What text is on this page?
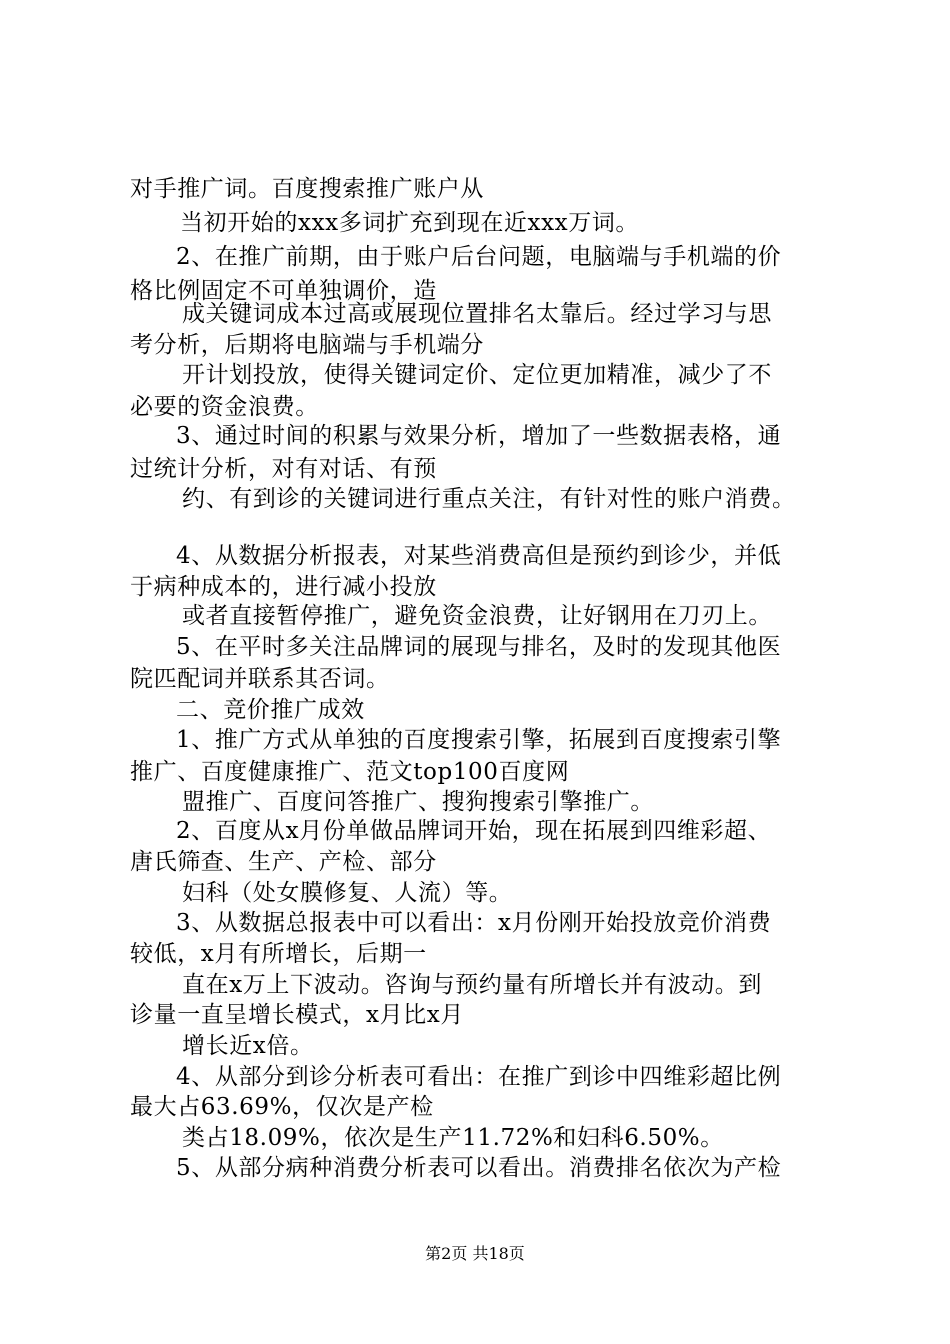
对手推广词。百度搜索推广账户从
当初开始的xxx多词扩充到现在近xxx万词。
2、在推广前期，由于账户后台问题，电脑端与手机端的价
格比例固定不可单独调价，造
成关键词成本过高或展现位置排名太靠后。经过学习与思
考分析，后期将电脑端与手机端分
开计划投放，使得关键词定价、定位更加精准，减少了不
必要的资金浪费。
3、通过时间的积累与效果分析，增加了一些数据表格，通
过统计分析，对有对话、有预
约、有到诊的关键词进行重点关注，有针对性的账户消费。
4、从数据分析报表，对某些消费高但是预约到诊少，并低
于病种成本的，进行减小投放
或者直接暂停推广，避免资金浪费，让好钢用在刀刃上。
5、在平时多关注品牌词的展现与排名，及时的发现其他医
院匹配词并联系其否词。
二、竞价推广成效
1、推广方式从单独的百度搜索引擎，拓展到百度搜索引擎
推广、百度健康推广、范文top100百度网
盟推广、百度问答推广、搜狗搜索引擎推广。
2、百度从x月份单做品牌词开始，现在拓展到四维彩超、
唐氏筛查、生产、产检、部分
妇科（处女膜修复、人流）等。
3、从数据总报表中可以看出：x月份刚开始投放竞价消费
较低，x月有所增长，后期一
直在x万上下波动。咨询与预约量有所增长并有波动。到
诊量一直呈增长模式，x月比x月
增长近x倍。
4、从部分到诊分析表可看出：在推广到诊中四维彩超比例
最大占63.69%，仅次是产检
类占18.09%，依次是生产11.72%和妇科6.50%。
5、从部分病种消费分析表可以看出。消费排名依次为产检
第2页 共18页
